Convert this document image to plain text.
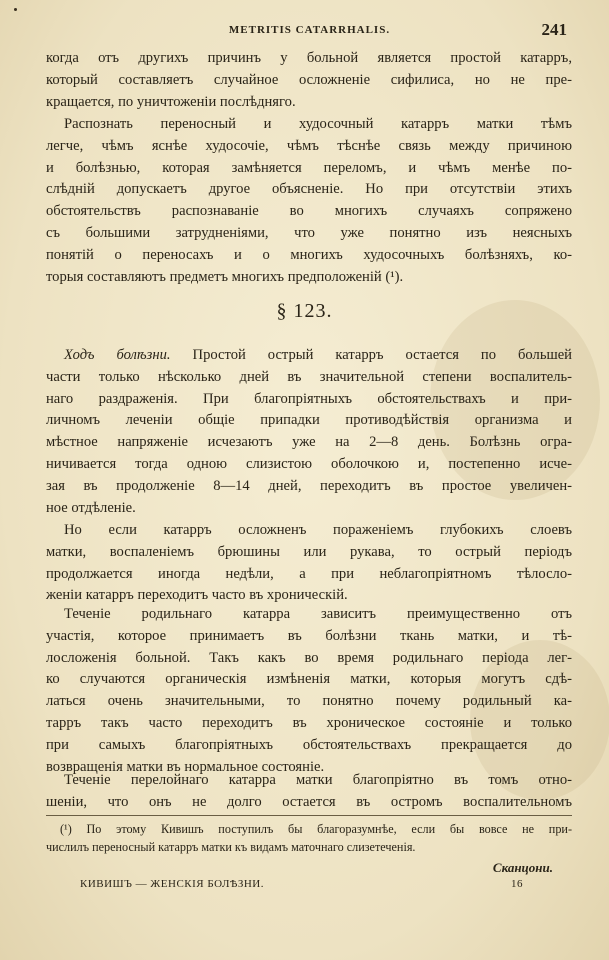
METRITIS CATARRHALIS.	241
когда отъ другихъ причинъ у больной является простой катарръ,
который составляетъ случайное осложненіе сифилиса, но не пре-
кращается, по уничтоженіи послѣдняго.
Распознать переносный и худосочный катарръ матки тѣмъ
легче, чѣмъ яснѣе худосочіе, чѣмъ тѣснѣе связь между причиною
и болѣзнью, которая замѣняется переломъ, и чѣмъ менѣе по-
слѣднiй допускаетъ другое объясненіе. Но при отсутствіи этихъ
обстоятельствъ распознаванiе во многихъ случаяхъ сопряжено
съ большими затрудненіями, что уже понятно изъ неясныхъ
понятій о переносахъ и о многихъ худосочныхъ болѣзняхъ, ко-
торыя составляютъ предметъ многихъ предположеній (¹).
§ 123.
Ходъ болѣзни. Простой острый катарръ остается по большей
части только нѣсколько дней въ значительной степени воспалитель-
наго раздраженія. При благопріятныхъ обстоятельствахъ и при-
личномъ леченіи общіе припадки противодѣйствія организма и
мѣстное напряженіе исчезаютъ уже на 2—8 день. Болѣзнь огра-
ничивается тогда одною слизистою оболочкою и, постепенно исче-
зая въ продолженіе 8—14 дней, переходитъ въ простое увеличен-
ное отдѣленіе.
Но если катарръ осложненъ пораженіемъ глубокихъ слоевъ
матки, воспаленіемъ брюшины или рукава, то острый періодъ
продолжается иногда недѣли, а при неблагопріятномъ тѣлосло-
женіи катарръ переходитъ часто въ хроническій.
Теченіе родильнаго катарра зависитъ преимущественно отъ
участія, которое принимаетъ въ болѣзни ткань матки, и тѣ-
лосложенія больной. Такъ какъ во время родильнаго періода лег-
ко случаются органическія измѣненія матки, которыя могутъ сдѣ-
латься очень значительными, то понятно почему родильный ка-
тарръ такъ часто переходитъ въ хроническое состояніе и только
при самыхъ благопріятныхъ обстоятельствахъ прекращается до
возвращенія матки въ нормальное состояніе.
Теченіе перелойнаго катарра матки благопріятно въ томъ отно-
шеніи, что онъ не долго остается въ остромъ воспалительномъ
(¹) По этому Кивишъ поступилъ бы благоразумнѣе, если бы вовсе не при-
числилъ переносный катарръ матки къ видамъ маточнаго слизетеченія.
Сканцони.
КИВИШЪ — ЖЕНСКІЯ БОЛѢЗНИ.	16
